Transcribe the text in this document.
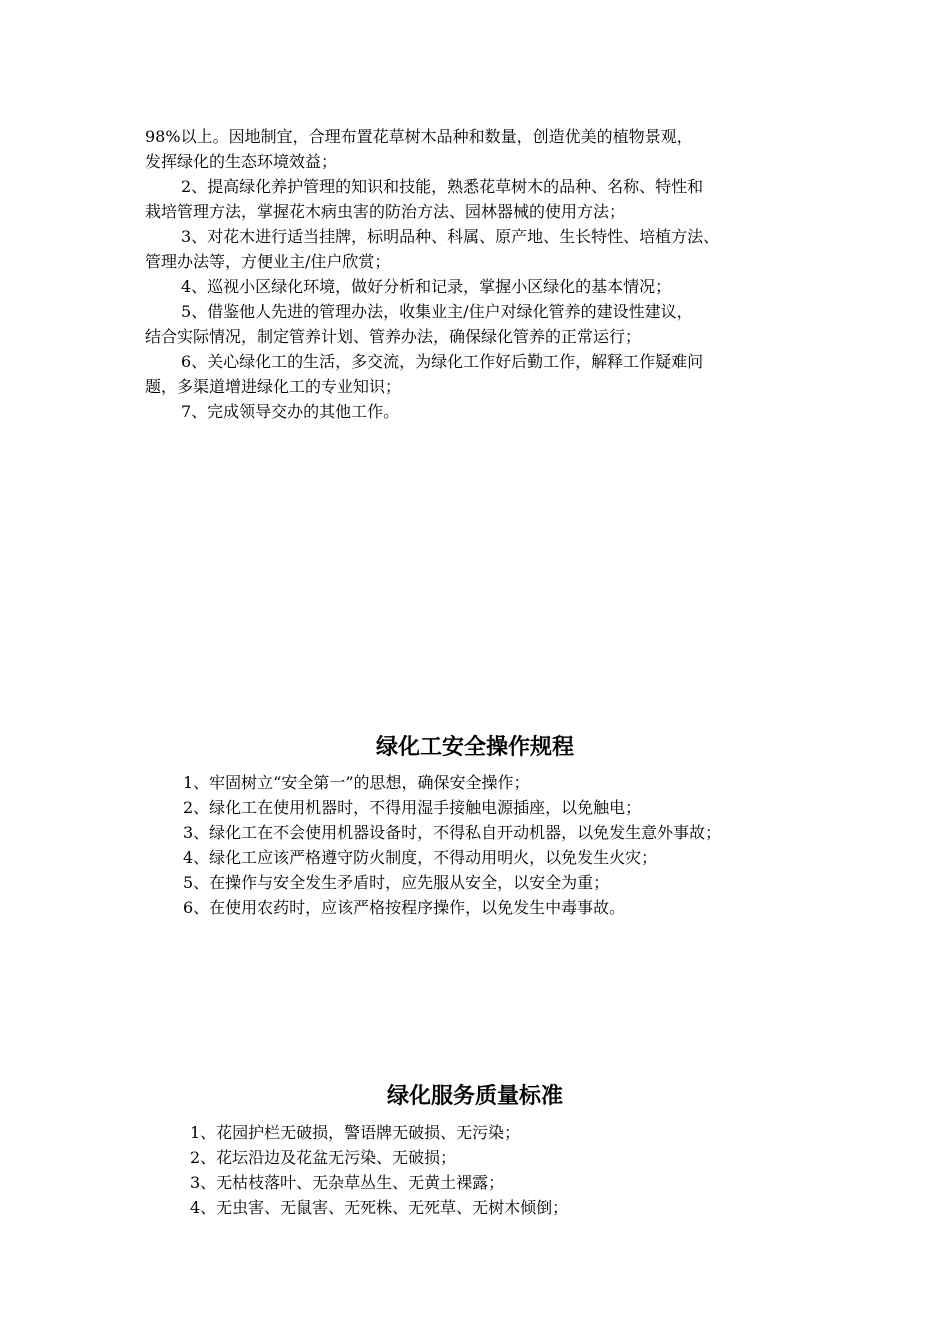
98%以上。因地制宜，合理布置花草树木品种和数量，创造优美的植物景观，
发挥绿化的生态环境效益；
2、提高绿化养护管理的知识和技能，熟悉花草树木的品种、名称、特性和
栽培管理方法，掌握花木病虫害的防治方法、园林器械的使用方法；
3、对花木进行适当挂牌，标明品种、科属、原产地、生长特性、培植方法、
管理办法等，方便业主/住户欣赏；
4、巡视小区绿化环境，做好分析和记录，掌握小区绿化的基本情况；
5、借鉴他人先进的管理办法，收集业主/住户对绿化管养的建设性建议，
结合实际情况，制定管养计划、管养办法，确保绿化管养的正常运行；
6、关心绿化工的生活，多交流，为绿化工作好后勤工作，解释工作疑难问
题，多渠道增进绿化工的专业知识；
7、完成领导交办的其他工作。
绿化工安全操作规程
1、牢固树立“安全第一”的思想，确保安全操作；
2、绿化工在使用机器时，不得用湿手接触电源插座，以免触电；
3、绿化工在不会使用机器设备时，不得私自开动机器，以免发生意外事故；
4、绿化工应该严格遵守防火制度，不得动用明火，以免发生火灾；
5、在操作与安全发生矛盾时，应先服从安全，以安全为重；
6、在使用农药时，应该严格按程序操作，以免发生中毒事故。
绿化服务质量标准
1、花园护栏无破损，警语牌无破损、无污染；
2、花坛沿边及花盆无污染、无破损；
3、无枯枝落叶、无杂草丛生、无黄土裸露；
4、无虫害、无鼠害、无死株、无死草、无树木倾倒；
